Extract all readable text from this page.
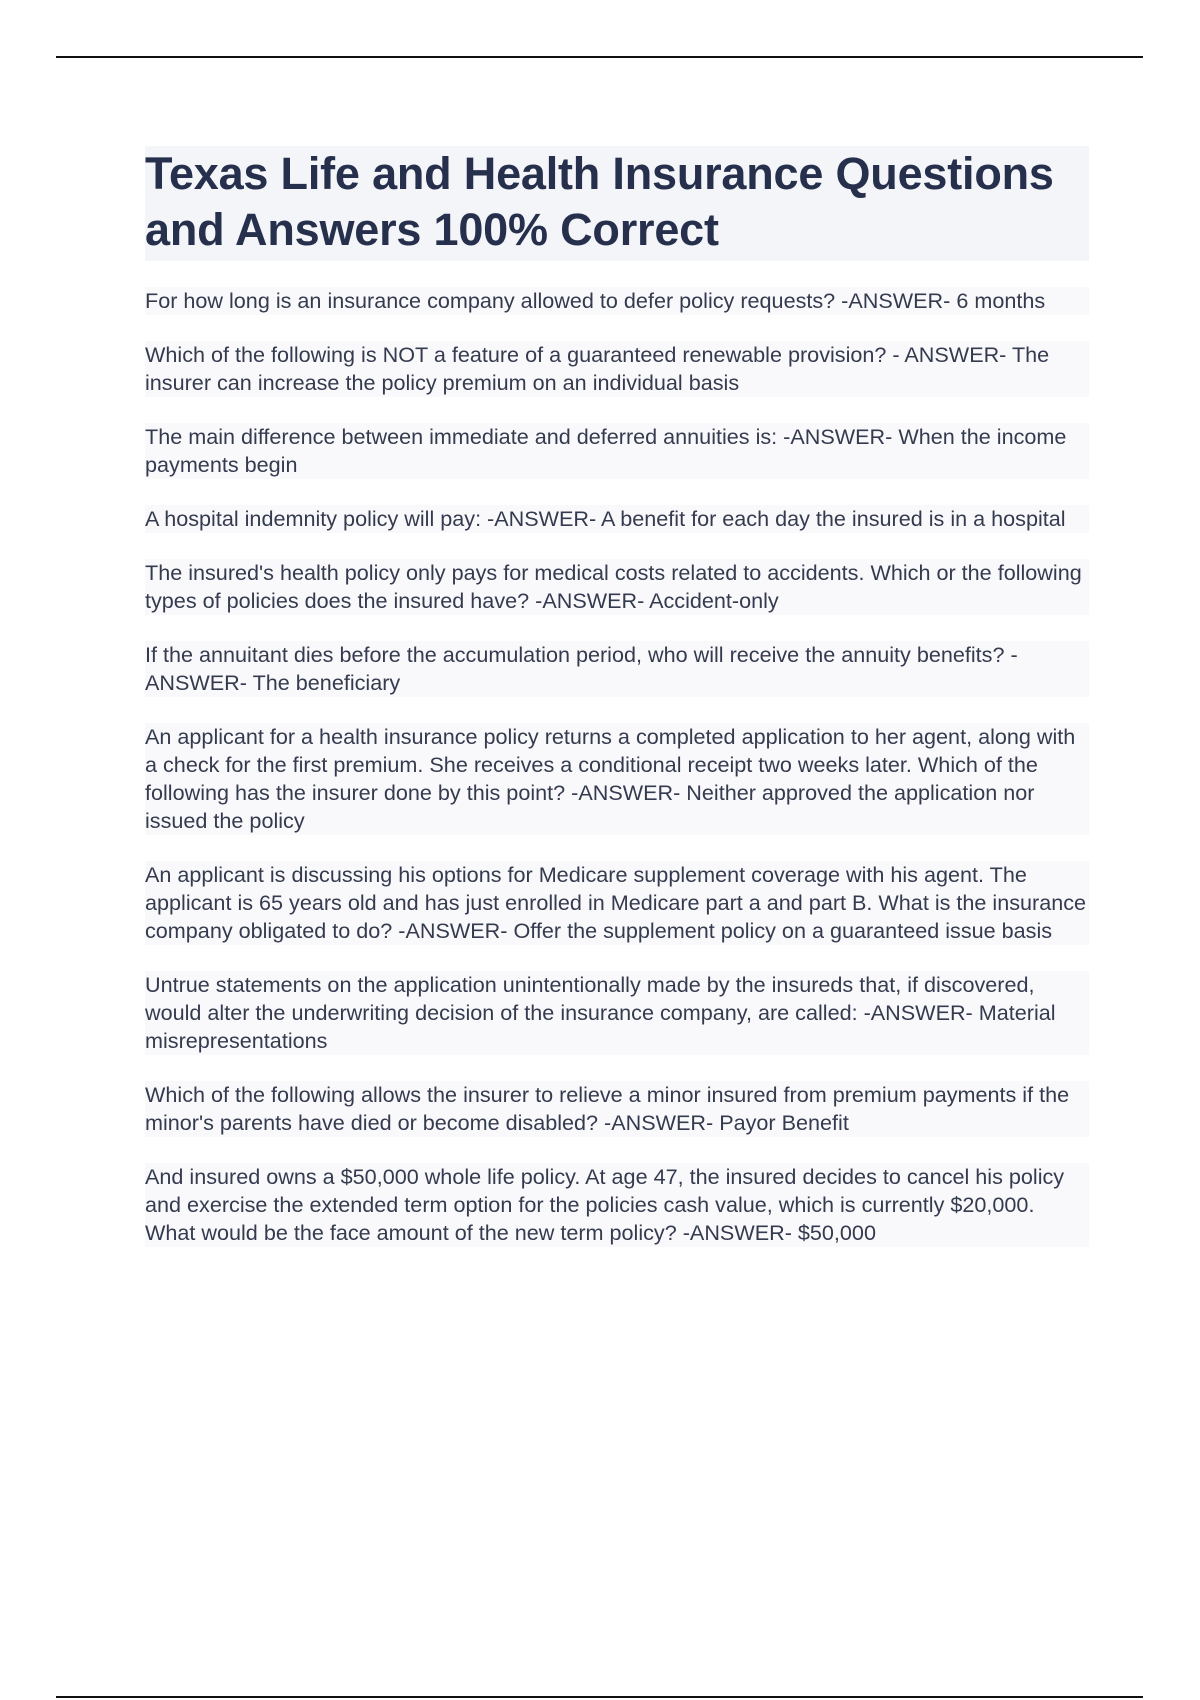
Texas Life and Health Insurance Questions and Answers 100% Correct
For how long is an insurance company allowed to defer policy requests? -ANSWER- 6 months
Which of the following is NOT a feature of a guaranteed renewable provision? - ANSWER- The insurer can increase the policy premium on an individual basis
The main difference between immediate and deferred annuities is: -ANSWER- When the income payments begin
A hospital indemnity policy will pay: -ANSWER- A benefit for each day the insured is in a hospital
The insured's health policy only pays for medical costs related to accidents. Which or the following types of policies does the insured have? -ANSWER- Accident-only
If the annuitant dies before the accumulation period, who will receive the annuity benefits? -ANSWER- The beneficiary
An applicant for a health insurance policy returns a completed application to her agent, along with a check for the first premium. She receives a conditional receipt two weeks later. Which of the following has the insurer done by this point? -ANSWER- Neither approved the application nor issued the policy
An applicant is discussing his options for Medicare supplement coverage with his agent. The applicant is 65 years old and has just enrolled in Medicare part a and part B. What is the insurance company obligated to do? -ANSWER- Offer the supplement policy on a guaranteed issue basis
Untrue statements on the application unintentionally made by the insureds that, if discovered, would alter the underwriting decision of the insurance company, are called: -ANSWER- Material misrepresentations
Which of the following allows the insurer to relieve a minor insured from premium payments if the minor's parents have died or become disabled? -ANSWER- Payor Benefit
And insured owns a $50,000 whole life policy. At age 47, the insured decides to cancel his policy and exercise the extended term option for the policies cash value, which is currently $20,000. What would be the face amount of the new term policy? -ANSWER- $50,000
